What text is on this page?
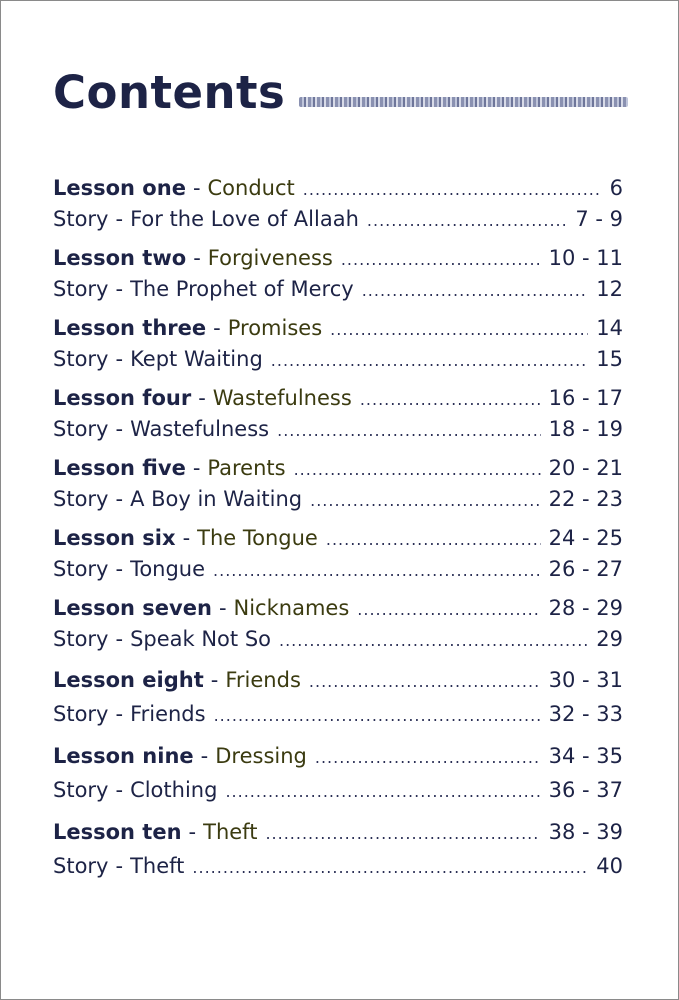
Contents
Lesson one - Conduct .....	6
Story - For the Love of Allaah .....	7 - 9
Lesson two - Forgiveness .....	10 - 11
Story - The Prophet of Mercy .....	12
Lesson three - Promises .....	14
Story - Kept Waiting .....	15
Lesson four - Wastefulness .....	16 - 17
Story - Wastefulness .....	18 - 19
Lesson five - Parents .....	20 - 21
Story - A Boy in Waiting .....	22 - 23
Lesson six - The Tongue .....	24 - 25
Story - Tongue .....	26 - 27
Lesson seven - Nicknames .....	28 - 29
Story - Speak Not So .....	29
Lesson eight - Friends .....	30 - 31
Story - Friends .....	32 - 33
Lesson nine - Dressing .....	34 - 35
Story - Clothing .....	36 - 37
Lesson ten - Theft .....	38 - 39
Story - Theft .....	40
